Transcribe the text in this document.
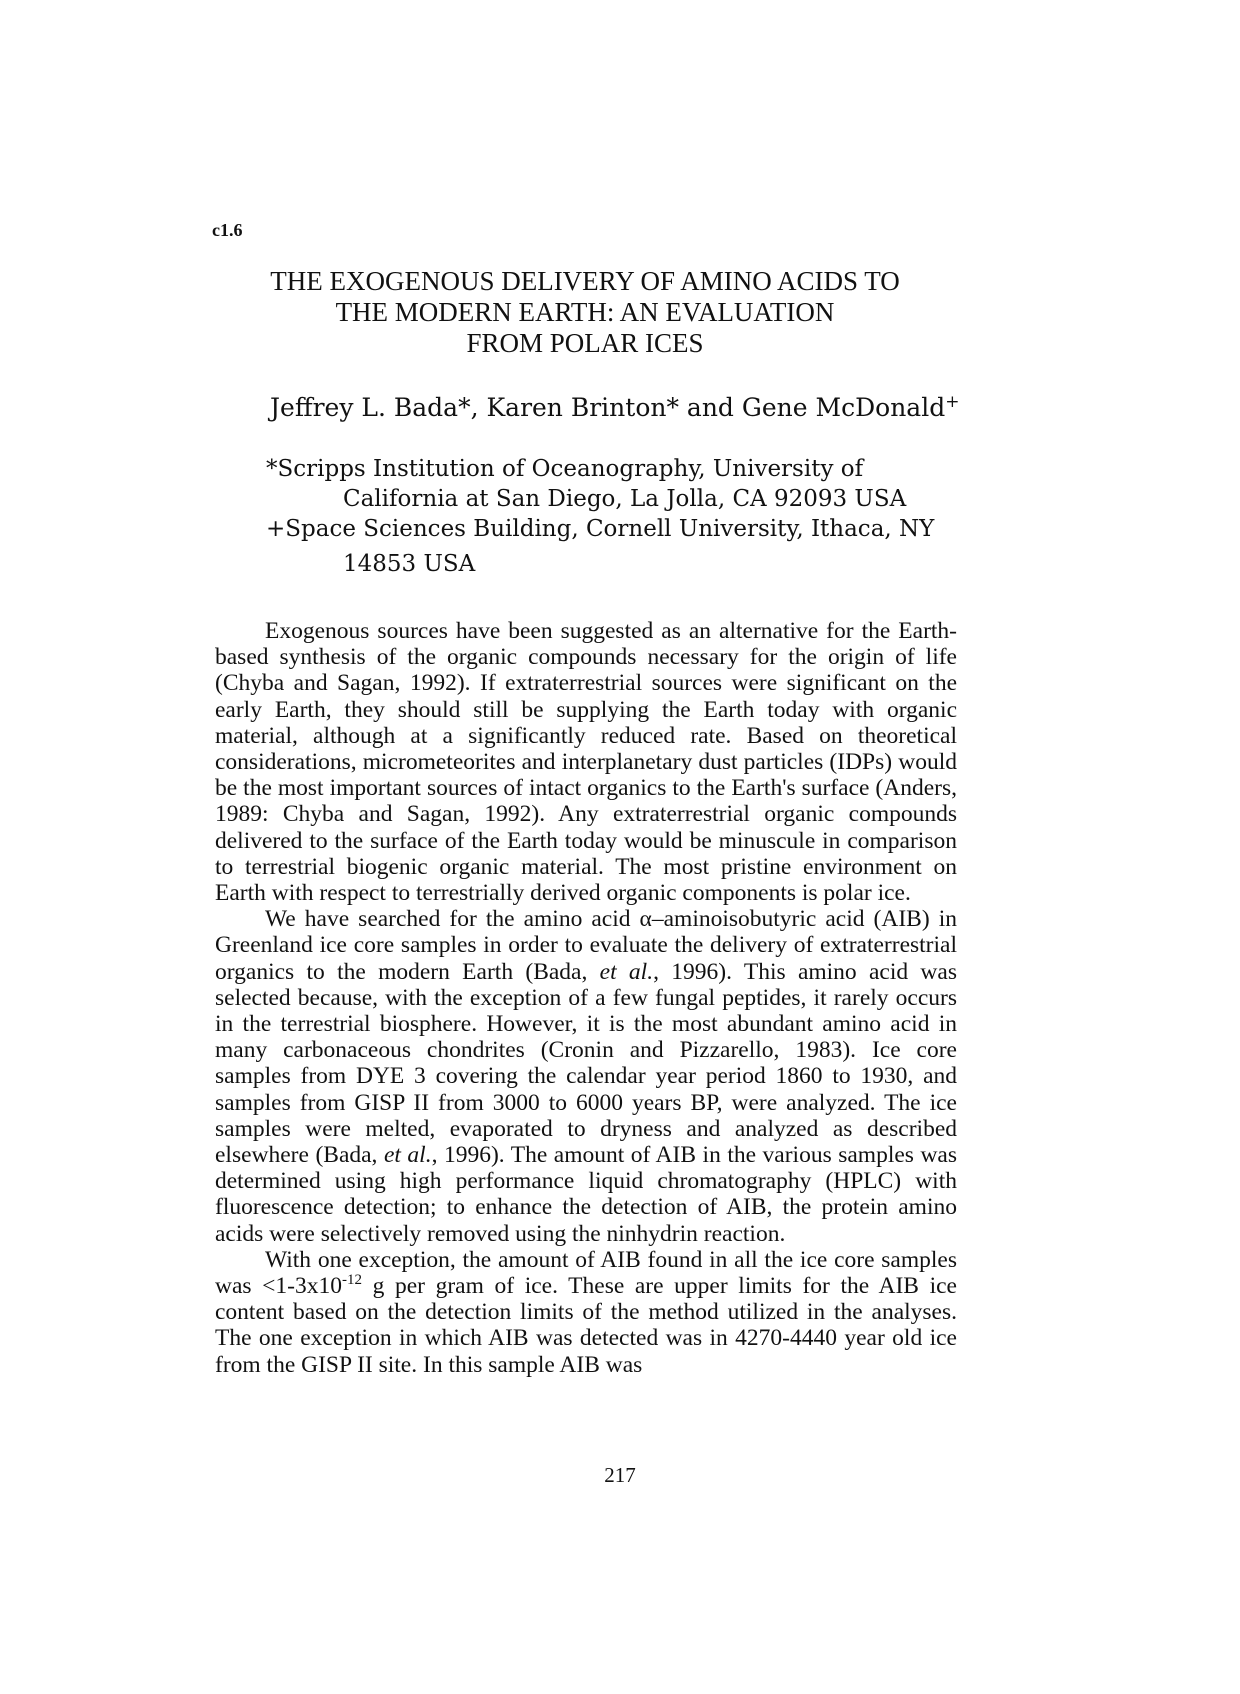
c1.6
THE EXOGENOUS DELIVERY OF AMINO ACIDS TO
THE MODERN EARTH: AN EVALUATION
FROM POLAR ICES
Jeffrey L. Bada*, Karen Brinton* and Gene McDonald+
*Scripps Institution of Oceanography, University of
California at San Diego, La Jolla, CA 92093 USA
+Space Sciences Building, Cornell University, Ithaca, NY
14853 USA

Exogenous sources have been suggested as an alternative for the Earth-based synthesis of the organic compounds necessary for the origin of life (Chyba and Sagan, 1992). If extraterrestrial sources were significant on the early Earth, they should still be supplying the Earth today with organic material, although at a significantly reduced rate. Based on theoretical considerations, micrometeorites and interplanetary dust particles (IDPs) would be the most important sources of intact organics to the Earth's surface (Anders, 1989: Chyba and Sagan, 1992). Any extraterrestrial organic compounds delivered to the surface of the Earth today would be minuscule in comparison to terrestrial biogenic organic material. The most pristine environment on Earth with respect to terrestrially derived organic components is polar ice.

We have searched for the amino acid α–aminoisobutyric acid (AIB) in Greenland ice core samples in order to evaluate the delivery of extraterrestrial organics to the modern Earth (Bada, et al., 1996). This amino acid was selected because, with the exception of a few fungal peptides, it rarely occurs in the terrestrial biosphere. However, it is the most abundant amino acid in many carbonaceous chondrites (Cronin and Pizzarello, 1983). Ice core samples from DYE 3 covering the calendar year period 1860 to 1930, and samples from GISP II from 3000 to 6000 years BP, were analyzed. The ice samples were melted, evaporated to dryness and analyzed as described elsewhere (Bada, et al., 1996). The amount of AIB in the various samples was determined using high performance liquid chromatography (HPLC) with fluorescence detection; to enhance the detection of AIB, the protein amino acids were selectively removed using the ninhydrin reaction.

With one exception, the amount of AIB found in all the ice core samples was $<1-3x10^{-12}$ g per gram of ice. These are upper limits for the AIB ice content based on the detection limits of the method utilized in the analyses. The one exception in which AIB was detected was in 4270-4440 year old ice from the GISP II site. In this sample AIB was

217
